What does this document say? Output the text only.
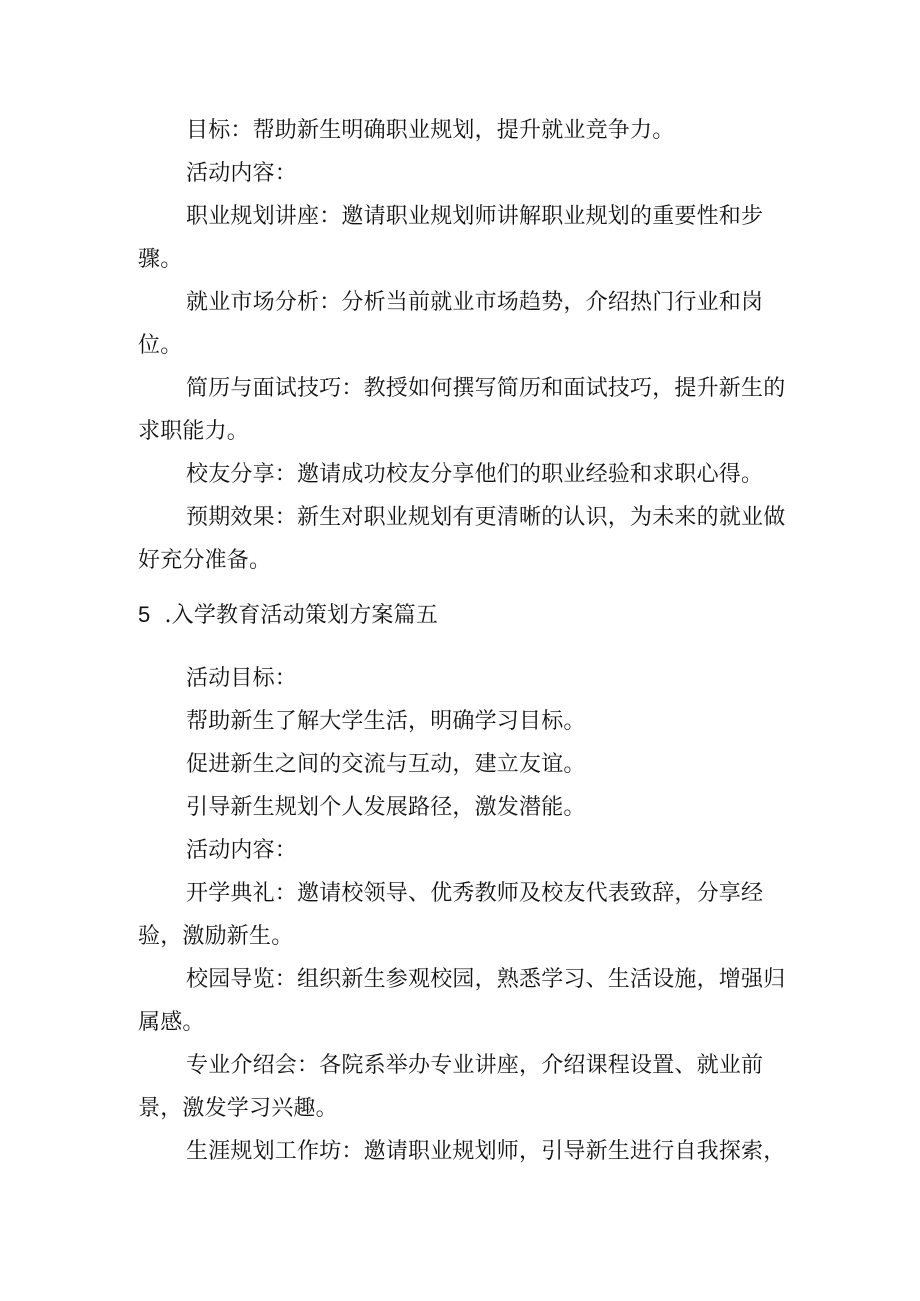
目标：帮助新生明确职业规划，提升就业竞争力。

活动内容：

职业规划讲座：邀请职业规划师讲解职业规划的重要性和步骤。

就业市场分析：分析当前就业市场趋势，介绍热门行业和岗位。

简历与面试技巧：教授如何撰写简历和面试技巧，提升新生的求职能力。

校友分享：邀请成功校友分享他们的职业经验和求职心得。

预期效果：新生对职业规划有更清晰的认识，为未来的就业做好充分准备。

5 .入学教育活动策划方案篇五

活动目标：

帮助新生了解大学生活，明确学习目标。

促进新生之间的交流与互动，建立友谊。

引导新生规划个人发展路径，激发潜能。

活动内容：

开学典礼：邀请校领导、优秀教师及校友代表致辞，分享经验，激励新生。

校园导览：组织新生参观校园，熟悉学习、生活设施，增强归属感。

专业介绍会：各院系举办专业讲座，介绍课程设置、就业前景，激发学习兴趣。

生涯规划工作坊：邀请职业规划师，引导新生进行自我探索，
